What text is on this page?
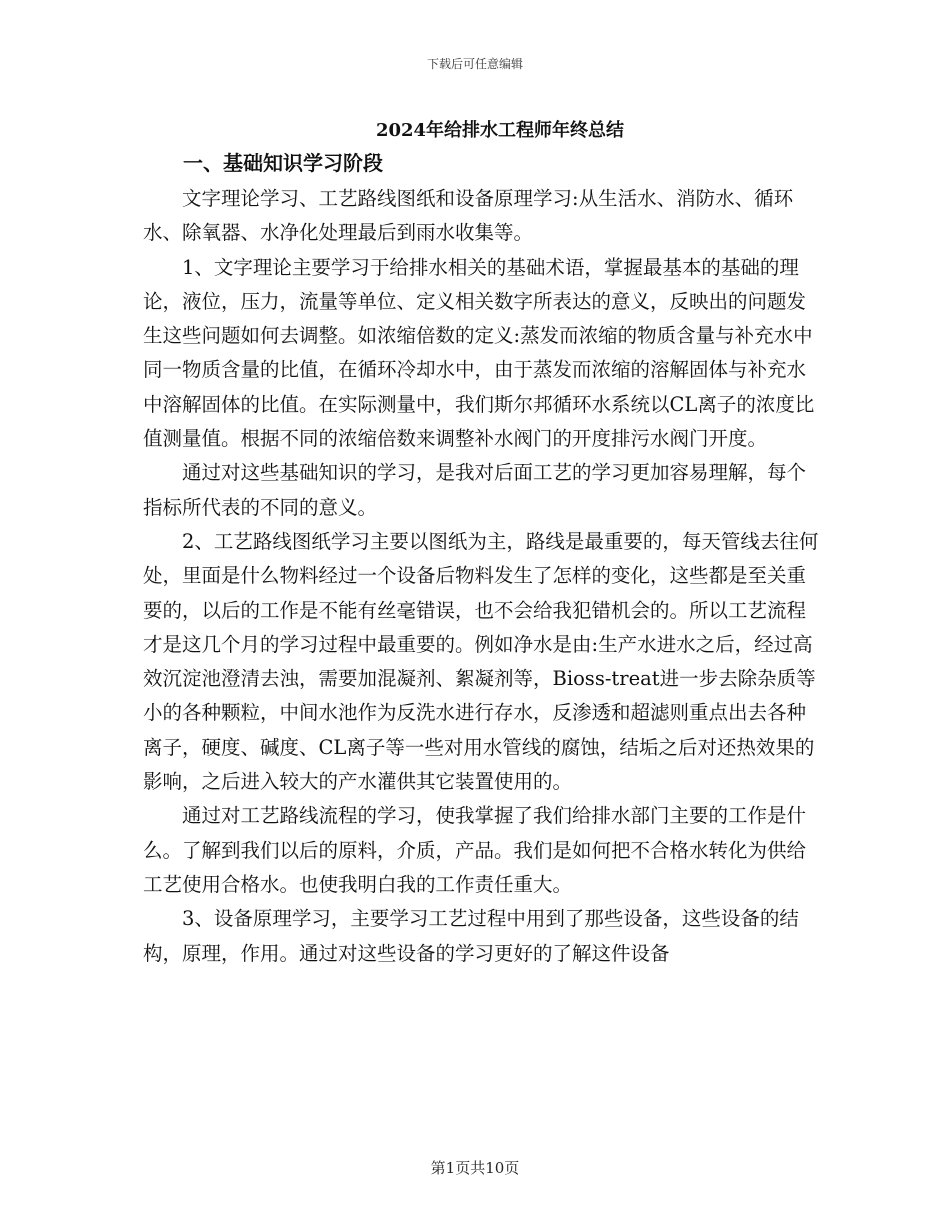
下载后可任意编辑
2024年给排水工程师年终总结
一、基础知识学习阶段

文字理论学习、工艺路线图纸和设备原理学习:从生活水、消防水、循环水、除氧器、水净化处理最后到雨水收集等。

1、文字理论主要学习于给排水相关的基础术语，掌握最基本的基础的理论，液位，压力，流量等单位、定义相关数字所表达的意义，反映出的问题发生这些问题如何去调整。如浓缩倍数的定义:蒸发而浓缩的物质含量与补充水中同一物质含量的比值，在循环冷却水中，由于蒸发而浓缩的溶解固体与补充水中溶解固体的比值。在实际测量中，我们斯尔邦循环水系统以CL离子的浓度比值测量值。根据不同的浓缩倍数来调整补水阀门的开度排污水阀门开度。

通过对这些基础知识的学习，是我对后面工艺的学习更加容易理解，每个指标所代表的不同的意义。

2、工艺路线图纸学习主要以图纸为主，路线是最重要的，每天管线去往何处，里面是什么物料经过一个设备后物料发生了怎样的变化，这些都是至关重要的，以后的工作是不能有丝毫错误，也不会给我犯错机会的。所以工艺流程才是这几个月的学习过程中最重要的。例如净水是由:生产水进水之后，经过高效沉淀池澄清去浊，需要加混凝剂、絮凝剂等，Bioss-treat进一步去除杂质等小的各种颗粒，中间水池作为反洗水进行存水，反渗透和超滤则重点出去各种离子，硬度、碱度、CL离子等一些对用水管线的腐蚀，结垢之后对还热效果的影响，之后进入较大的产水灌供其它装置使用的。

通过对工艺路线流程的学习，使我掌握了我们给排水部门主要的工作是什么。了解到我们以后的原料，介质，产品。我们是如何把不合格水转化为供给工艺使用合格水。也使我明白我的工作责任重大。

3、设备原理学习，主要学习工艺过程中用到了那些设备，这些设备的结构，原理，作用。通过对这些设备的学习更好的了解这件设备

第1页共10页
